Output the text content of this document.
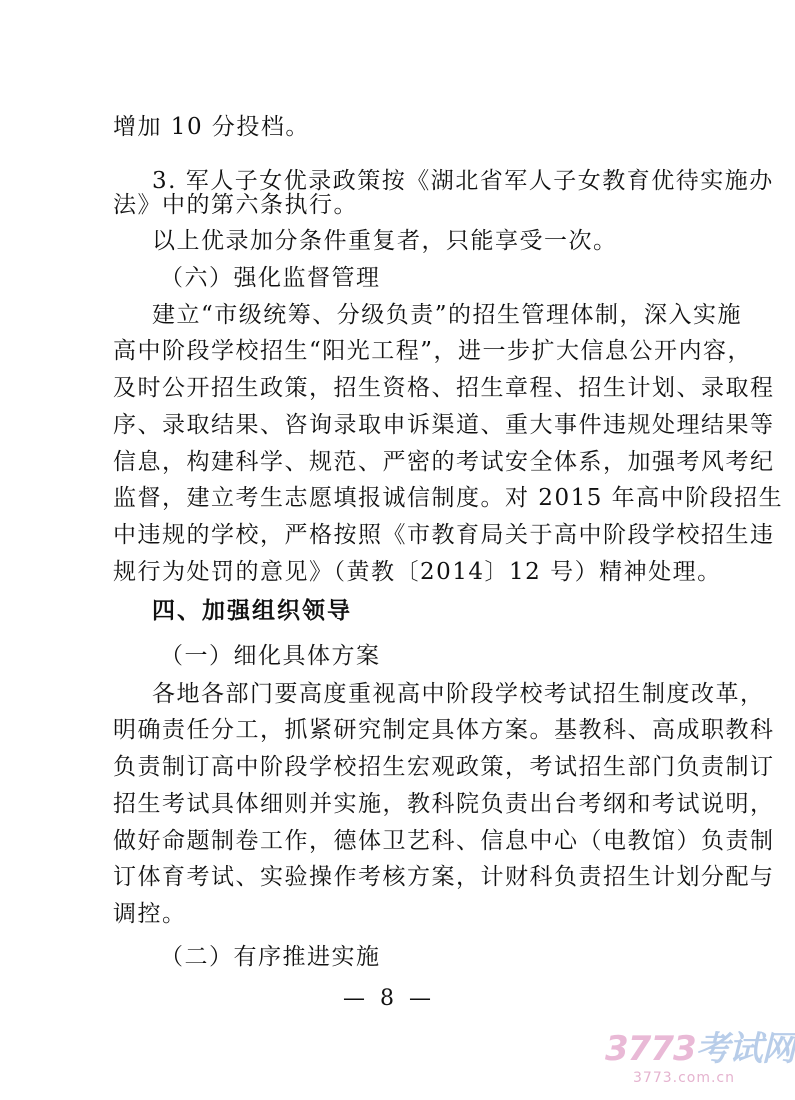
增加 10 分投档。
3. 军人子女优录政策按《湖北省军人子女教育优待实施办
法》中的第六条执行。
以上优录加分条件重复者，只能享受一次。
（六）强化监督管理
建立“市级统筹、分级负责”的招生管理体制，深入实施
高中阶段学校招生“阳光工程”，进一步扩大信息公开内容，
及时公开招生政策，招生资格、招生章程、招生计划、录取程
序、录取结果、咨询录取申诉渠道、重大事件违规处理结果等
信息，构建科学、规范、严密的考试安全体系，加强考风考纪
监督，建立考生志愿填报诚信制度。对 2015 年高中阶段招生
中违规的学校，严格按照《市教育局关于高中阶段学校招生违
规行为处罚的意见》（黄教〔2014〕12 号）精神处理。
四、加强组织领导
（一）细化具体方案
各地各部门要高度重视高中阶段学校考试招生制度改革，
明确责任分工，抓紧研究制定具体方案。基教科、高成职教科
负责制订高中阶段学校招生宏观政策，考试招生部门负责制订
招生考试具体细则并实施，教科院负责出台考纲和考试说明，
做好命题制卷工作，德体卫艺科、信息中心（电教馆）负责制
订体育考试、实验操作考核方案，计财科负责招生计划分配与
调控。
（二）有序推进实施
— 8 —
3773考试网
3773.com.cn
